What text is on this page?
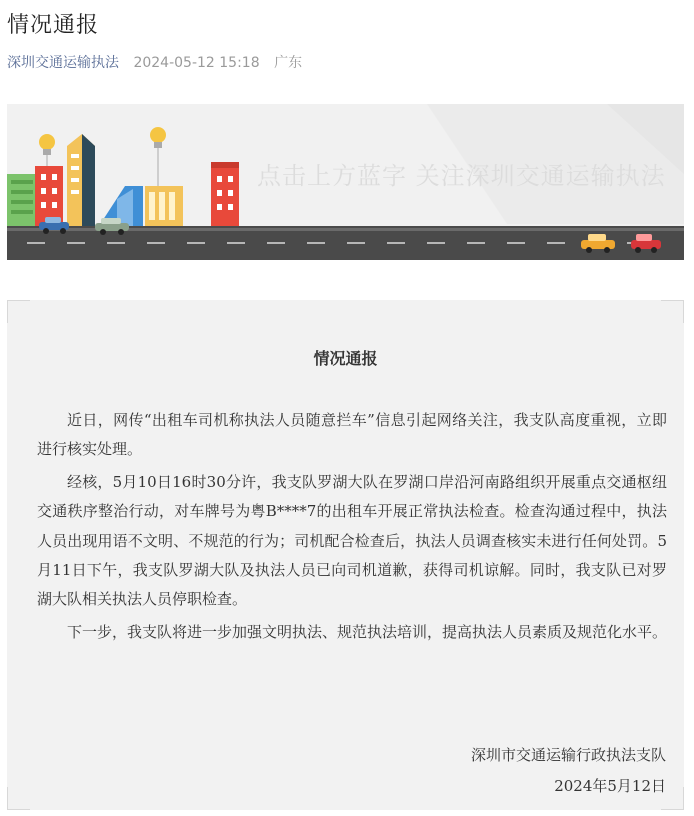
情况通报
深圳交通运输执法 2024-05-12 15:18 广东
点击上方蓝字 关注深圳交通运输执法
情况通报

近日，网传“出租车司机称执法人员随意拦车”信息引起网络关注，我支队高度重视，立即进行核实处理。

经核，5月10日16时30分许，我支队罗湖大队在罗湖口岸沿河南路组织开展重点交通枢纽交通秩序整治行动，对车牌号为粤B****7的出租车开展正常执法检查。检查沟通过程中，执法人员出现用语不文明、不规范的行为；司机配合检查后，执法人员调查核实未进行任何处罚。5月11日下午，我支队罗湖大队及执法人员已向司机道歉，获得司机谅解。同时，我支队已对罗湖大队相关执法人员停职检查。

下一步，我支队将进一步加强文明执法、规范执法培训，提高执法人员素质及规范化水平。

深圳市交通运输行政执法支队
2024年5月12日
